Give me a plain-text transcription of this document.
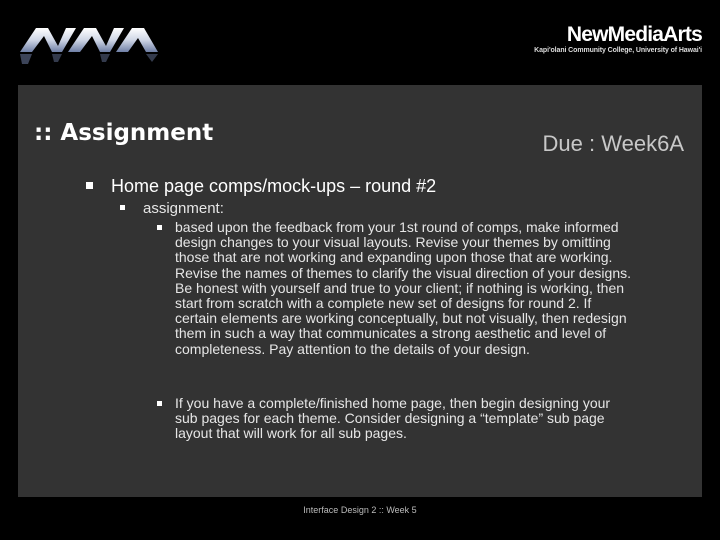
NewMediaArts
Kapi'olani Community College, University of Hawai'i
:: Assignment	Due : Week6A
Home page comps/mock-ups – round #2
assignment:
based upon the feedback from your 1st round of comps, make informed design changes to your visual layouts. Revise your themes by omitting those that are not working and expanding upon those that are working. Revise the names of themes to clarify the visual direction of your designs. Be honest with yourself and true to your client; if nothing is working, then start from scratch with a complete new set of designs for round 2. If certain elements are working conceptually, but not visually, then redesign them in such a way that communicates a strong aesthetic and level of completeness. Pay attention to the details of your design.
If you have a complete/finished home page, then begin designing your sub pages for each theme. Consider designing a “template” sub page layout that will work for all sub pages.
Interface Design 2 :: Week 5
